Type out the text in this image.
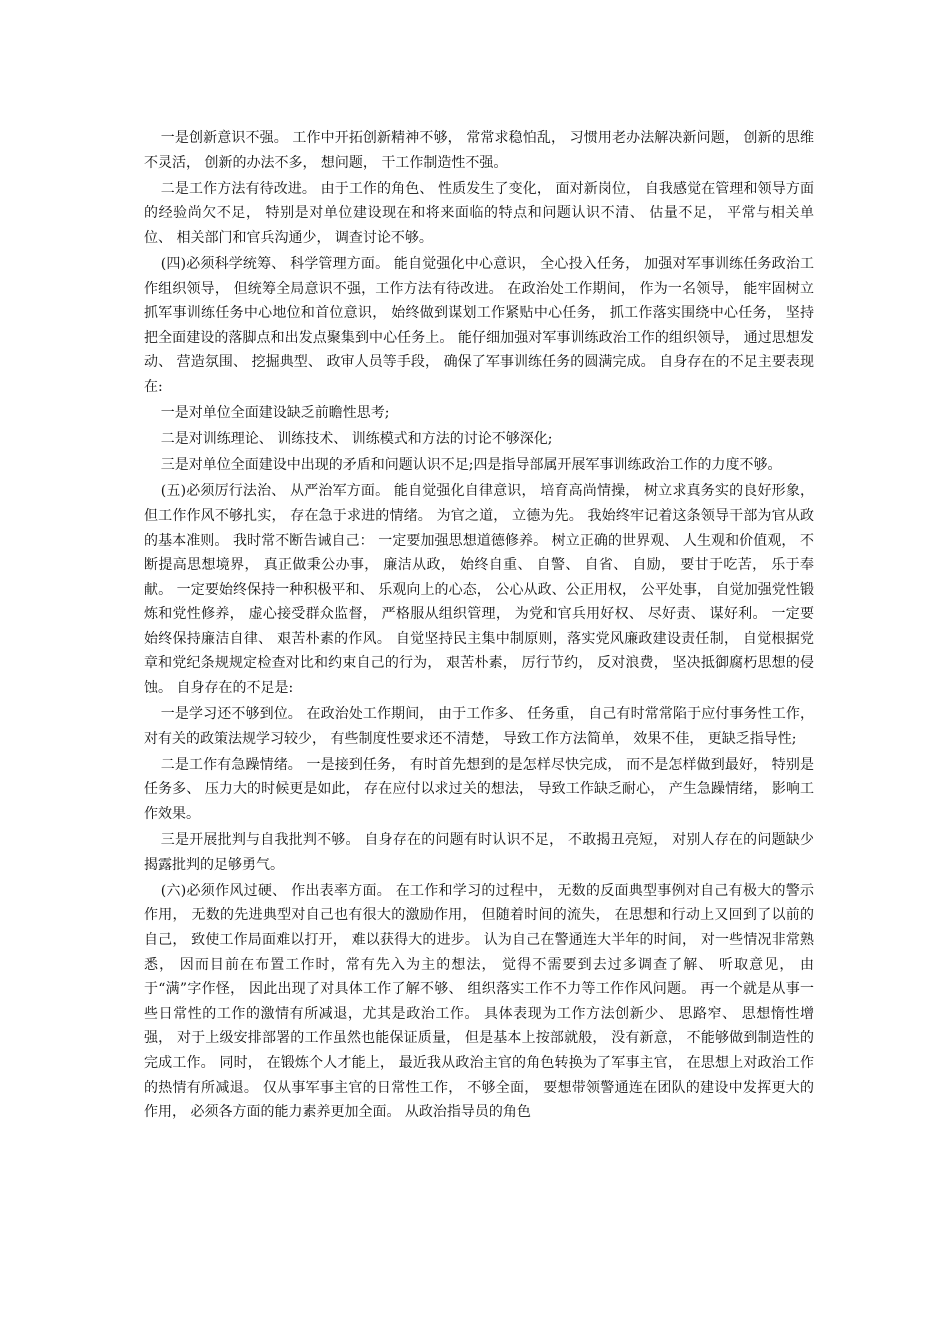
一是创新意识不强。 工作中开拓创新精神不够， 常常求稳怕乱， 习惯用老办法解决新问题， 创新的思维不灵活， 创新的办法不多， 想问题， 干工作制造性不强。

二是工作方法有待改进。 由于工作的角色、 性质发生了变化， 面对新岗位， 自我感觉在管理和领导方面的经验尚欠不足， 特别是对单位建设现在和将来面临的特点和问题认识不清、 估量不足， 平常与相关单位、 相关部门和官兵沟通少， 调查讨论不够。

(四)必须科学统筹、 科学管理方面。 能自觉强化中心意识， 全心投入任务， 加强对军事训练任务政治工作组织领导， 但统筹全局意识不强，工作方法有待改进。 在政治处工作期间， 作为一名领导， 能牢固树立抓军事训练任务中心地位和首位意识， 始终做到谋划工作紧贴中心任务， 抓工作落实围绕中心任务， 坚持把全面建设的落脚点和出发点聚集到中心任务上。 能仔细加强对军事训练政治工作的组织领导， 通过思想发动、 营造氛围、 挖掘典型、 政审人员等手段， 确保了军事训练任务的圆满完成。 自身存在的不足主要表现在:

一是对单位全面建设缺乏前瞻性思考;

二是对训练理论、 训练技术、 训练模式和方法的讨论不够深化;

三是对单位全面建设中出现的矛盾和问题认识不足;四是指导部属开展军事训练政治工作的力度不够。

(五)必须厉行法治、 从严治军方面。 能自觉强化自律意识， 培育高尚情操， 树立求真务实的良好形象， 但工作作风不够扎实， 存在急于求进的情绪。 为官之道， 立德为先。 我始终牢记着这条领导干部为官从政的基本准则。 我时常不断告诫自己： 一定要加强思想道德修养。 树立正确的世界观、 人生观和价值观， 不断提高思想境界， 真正做秉公办事， 廉洁从政， 始终自重、 自警、 自省、 自励， 要甘于吃苦， 乐于奉献。 一定要始终保持一种积极平和、 乐观向上的心态， 公心从政、公正用权， 公平处事， 自觉加强党性锻炼和党性修养， 虚心接受群众监督， 严格服从组织管理， 为党和官兵用好权、 尽好责、 谋好利。 一定要始终保持廉洁自律、 艰苦朴素的作风。 自觉坚持民主集中制原则，落实党风廉政建设责任制， 自觉根据党章和党纪条规规定检查对比和约束自己的行为， 艰苦朴素， 厉行节约， 反对浪费， 坚决抵御腐朽思想的侵蚀。 自身存在的不足是:

一是学习还不够到位。 在政治处工作期间， 由于工作多、 任务重， 自己有时常常陷于应付事务性工作， 对有关的政策法规学习较少， 有些制度性要求还不清楚， 导致工作方法简单， 效果不佳， 更缺乏指导性;

二是工作有急躁情绪。 一是接到任务， 有时首先想到的是怎样尽快完成， 而不是怎样做到最好， 特别是任务多、 压力大的时候更是如此， 存在应付以求过关的想法， 导致工作缺乏耐心， 产生急躁情绪， 影响工作效果。

三是开展批判与自我批判不够。 自身存在的问题有时认识不足， 不敢揭丑亮短， 对别人存在的问题缺少揭露批判的足够勇气。

(六)必须作风过硬、 作出表率方面。 在工作和学习的过程中， 无数的反面典型事例对自己有极大的警示作用， 无数的先进典型对自己也有很大的激励作用， 但随着时间的流失， 在思想和行动上又回到了以前的自己， 致使工作局面难以打开， 难以获得大的进步。 认为自己在警通连大半年的时间， 对一些情况非常熟悉， 因而目前在布置工作时，常有先入为主的想法， 觉得不需要到去过多调查了解、 听取意见， 由于“满”字作怪， 因此出现了对具体工作了解不够、 组织落实工作不力等工作作风问题。 再一个就是从事一些日常性的工作的激情有所减退，尤其是政治工作。 具体表现为工作方法创新少、 思路窄、 思想惰性增强， 对于上级安排部署的工作虽然也能保证质量， 但是基本上按部就般， 没有新意， 不能够做到制造性的完成工作。 同时， 在锻炼个人才能上， 最近我从政治主官的角色转换为了军事主官， 在思想上对政治工作的热情有所减退。 仅从事军事主官的日常性工作， 不够全面， 要想带领警通连在团队的建设中发挥更大的作用， 必须各方面的能力素养更加全面。 从政治指导员的角色
